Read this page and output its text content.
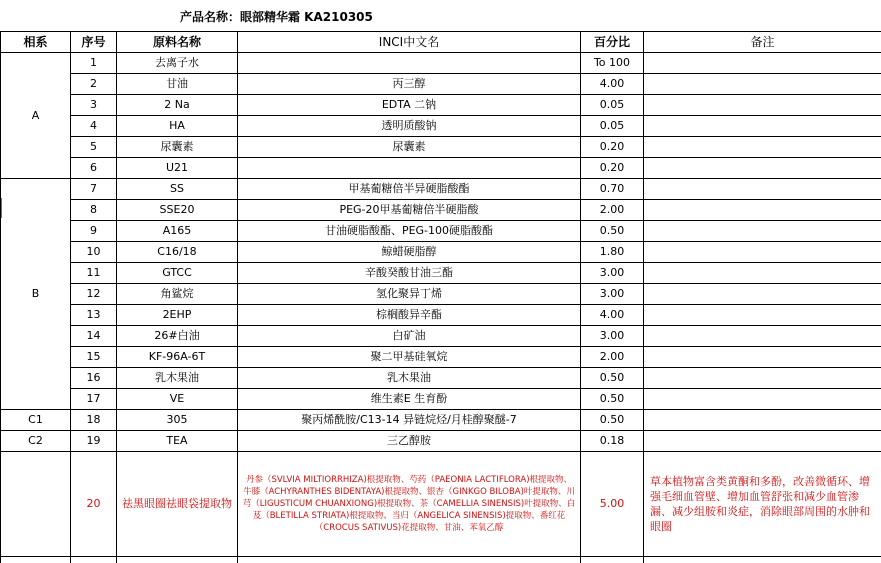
产品名称：眼部精华霜 KA210305
相系	序号	原料名称	INCI中文名	百分比	备注
A	1	去离子水		To 100	
	2	甘油	丙三醇	4.00	
	3	2 Na	EDTA 二钠	0.05	
	4	HA	透明质酸钠	0.05	
	5	尿囊素	尿囊素	0.20	
	6	U21		0.20	
B	7	SS	甲基葡糖倍半异硬脂酸酯	0.70	
	8	SSE20	PEG-20甲基葡糖倍半硬脂酸	2.00	
	9	A165	甘油硬脂酸酯、PEG-100硬脂酸酯	0.50	
	10	C16/18	鲸蜡硬脂醇	1.80	
	11	GTCC	辛酸癸酸甘油三酯	3.00	
	12	角鲨烷	氢化聚异丁烯	3.00	
	13	2EHP	棕榈酸异辛酯	4.00	
	14	26#白油	白矿油	3.00	
	15	KF-96A-6T	聚二甲基硅氧烷	2.00	
	16	乳木果油	乳木果油	0.50	
	17	VE	维生素E 生育酚	0.50	
C1	18	305	聚丙烯酰胺/C13-14 异链烷烃/月桂醇聚醚-7	0.50	
C2	19	TEA	三乙醇胺	0.18	
	20	祛黑眼圈祛眼袋提取物	丹参（SVLVIA MILTIORRHIZA)根提取物、芍药（PAEONIA LACTIFLORA)根提取物、牛膝（ACHYRANTHES BIDENTAYA)根提取物、银杏（GINKGO BILOBA)叶提取物、川芎（LIGUSTICUM CHUANXIONG)根提取物、茶（CAMELLIA SINENSIS)叶提取物、白芨（BLETILLA STRIATA)根提取物、当归（ANGELICA SINENSIS)提取物、番红花（CROCUS SATIVUS)花提取物、甘油、苯氧乙醇	5.00	草本植物富含类黄酮和多酚，改善微循环、增强毛细血管壁、增加血管舒张和减少血管渗漏、减少组胺和炎症，消除眼部周围的水肿和眼圈
